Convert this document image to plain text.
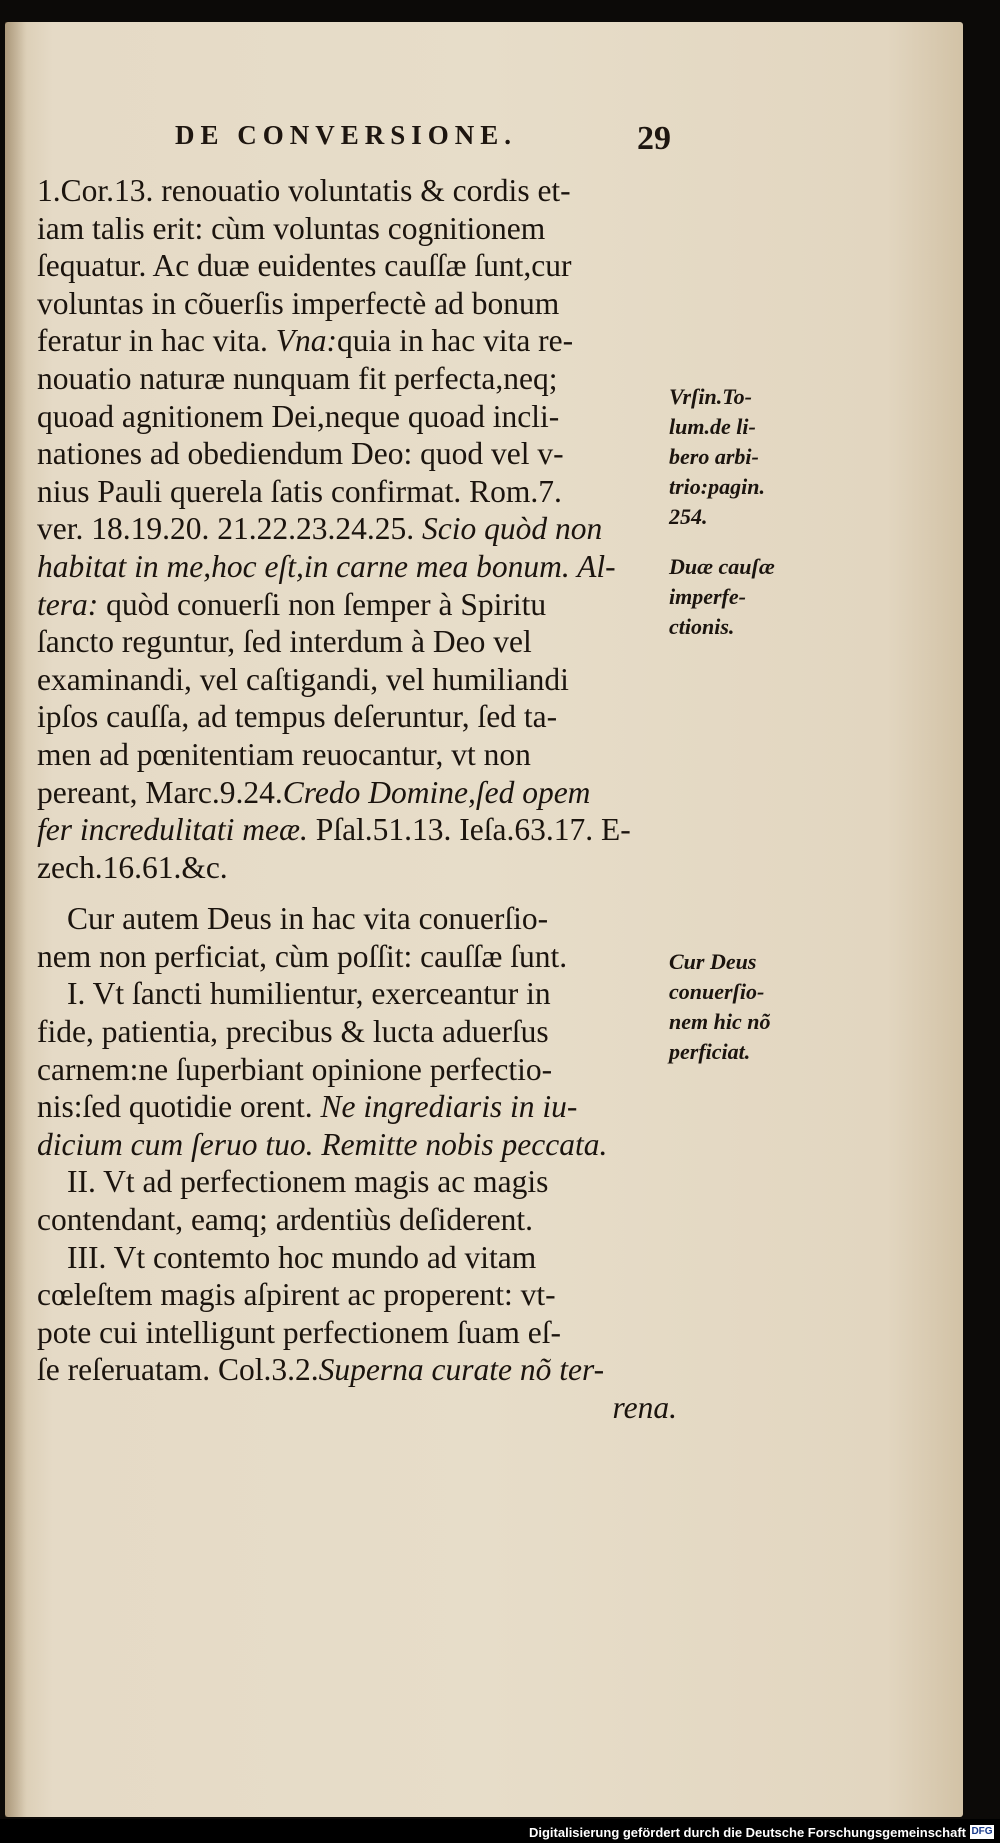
DE CONVERSIONE.	29
1.Cor.13. renouatio voluntatis & cordis et-
iam talis erit: cùm voluntas cognitionem
ſequatur. Ac duæ euidentes cauſſæ ſunt,cur
voluntas in cõuerſis imperfectè ad bonum
feratur in hac vita. Vna:quia in hac vita re-
nouatio naturæ nunquam fit perfecta,neq;
quoad agnitionem Dei,neque quoad incli-
nationes ad obediendum Deo: quod vel v-
nius Pauli querela ſatis confirmat. Rom.7.
ver. 18.19.20. 21.22.23.24.25. Scio quòd non
habitat in me,hoc eſt,in carne mea bonum. Al-
tera: quòd conuerſi non ſemper à Spiritu
ſancto reguntur, ſed interdum à Deo vel
examinandi, vel caſtigandi, vel humiliandi
ipſos cauſſa, ad tempus deſeruntur, ſed ta-
men ad pœnitentiam reuocantur, vt non
pereant, Marc.9.24.Credo Domine,ſed opem
fer incredulitati meæ. Pſal.51.13. Ieſa.63.17. E-
zech.16.61.&c.
Cur autem Deus in hac vita conuerſio-
nem non perficiat, cùm poſſit: cauſſæ ſunt.
I. Vt ſancti humilientur, exerceantur in
fide, patientia, precibus & lucta aduerſus
carnem:ne ſuperbiant opinione perfectio-
nis:ſed quotidie orent. Ne ingrediaris in iu-
dicium cum ſeruo tuo. Remitte nobis peccata.
II. Vt ad perfectionem magis ac magis
contendant, eamq; ardentiùs deſiderent.
III. Vt contemto hoc mundo ad vitam
cœleſtem magis aſpirent ac properent: vt-
pote cui intelligunt perfectionem ſuam eſ-
ſe reſeruatam. Col.3.2.Superna curate nõ ter-
rena.
Vrſin.To-
lum.de li-
bero arbi-
trio:pagin.
254.
Duæ cauſæ
imperfe-
ctionis.
Cur Deus
conuerſio-
nem hic nõ
perficiat.
Digitalisierung gefördert durch die Deutsche Forschungsgemeinschaft DFG
